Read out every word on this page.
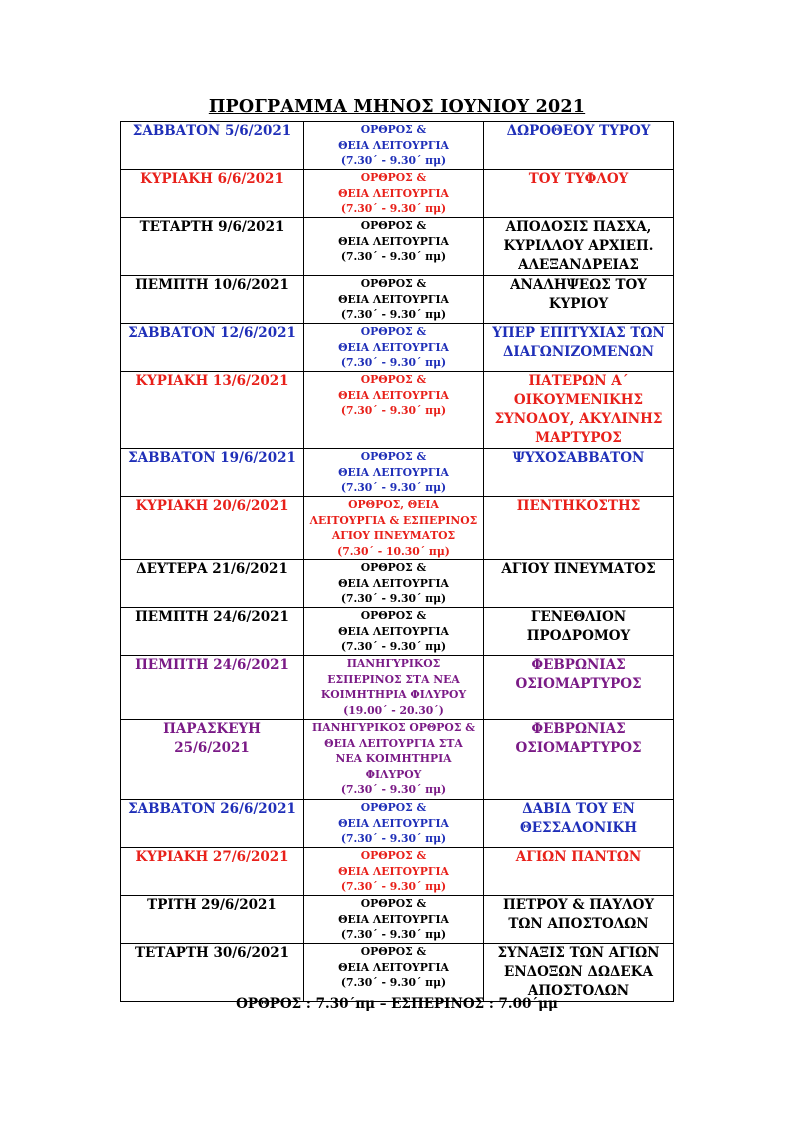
ΠΡΟΓΡΑΜΜΑ ΜΗΝΟΣ ΙΟΥΝΙΟΥ 2021
ΣΑΒΒΑΤΟΝ 5/6/2021	ΟΡΘΡΟΣ &
ΘΕΙΑ ΛΕΙΤΟΥΡΓΙΑ
(7.30΄ - 9.30΄ πμ)	ΔΩΡΟΘΕΟΥ ΤΥΡΟΥ
ΚΥΡΙΑΚΗ 6/6/2021	ΟΡΘΡΟΣ &
ΘΕΙΑ ΛΕΙΤΟΥΡΓΙΑ
(7.30΄ - 9.30΄ πμ)	ΤΟΥ ΤΥΦΛΟΥ
ΤΕΤΑΡΤΗ 9/6/2021	ΟΡΘΡΟΣ &
ΘΕΙΑ ΛΕΙΤΟΥΡΓΙΑ
(7.30΄ - 9.30΄ πμ)	ΑΠΟΔΟΣΙΣ ΠΑΣΧΑ, ΚΥΡΙΛΛΟΥ ΑΡΧΙΕΠ. ΑΛΕΞΑΝΔΡΕΙΑΣ
ΠΕΜΠΤΗ 10/6/2021	ΟΡΘΡΟΣ &
ΘΕΙΑ ΛΕΙΤΟΥΡΓΙΑ
(7.30΄ - 9.30΄ πμ)	ΑΝΑΛΗΨΕΩΣ ΤΟΥ ΚΥΡΙΟΥ
ΣΑΒΒΑΤΟΝ 12/6/2021	ΟΡΘΡΟΣ &
ΘΕΙΑ ΛΕΙΤΟΥΡΓΙΑ
(7.30΄ - 9.30΄ πμ)	ΥΠΕΡ ΕΠΙΤΥΧΙΑΣ ΤΩΝ ΔΙΑΓΩΝΙΖΟΜΕΝΩΝ
ΚΥΡΙΑΚΗ 13/6/2021	ΟΡΘΡΟΣ &
ΘΕΙΑ ΛΕΙΤΟΥΡΓΙΑ
(7.30΄ - 9.30΄ πμ)	ΠΑΤΕΡΩΝ Α΄ ΟΙΚΟΥΜΕΝΙΚΗΣ ΣΥΝΟΔΟΥ, ΑΚΥΛΙΝΗΣ ΜΑΡΤΥΡΟΣ
ΣΑΒΒΑΤΟΝ 19/6/2021	ΟΡΘΡΟΣ &
ΘΕΙΑ ΛΕΙΤΟΥΡΓΙΑ
(7.30΄ - 9.30΄ πμ)	ΨΥΧΟΣΑΒΒΑΤΟΝ
ΚΥΡΙΑΚΗ 20/6/2021	ΟΡΘΡΟΣ, ΘΕΙΑ
ΛΕΙΤΟΥΡΓΙΑ & ΕΣΠΕΡΙΝΟΣ
ΑΓΙΟΥ ΠΝΕΥΜΑΤΟΣ
(7.30΄ - 10.30΄ πμ)	ΠΕΝΤΗΚΟΣΤΗΣ
ΔΕΥΤΕΡΑ 21/6/2021	ΟΡΘΡΟΣ &
ΘΕΙΑ ΛΕΙΤΟΥΡΓΙΑ
(7.30΄ - 9.30΄ πμ)	ΑΓΙΟΥ ΠΝΕΥΜΑΤΟΣ
ΠΕΜΠΤΗ 24/6/2021	ΟΡΘΡΟΣ &
ΘΕΙΑ ΛΕΙΤΟΥΡΓΙΑ
(7.30΄ - 9.30΄ πμ)	ΓΕΝΕΘΛΙΟΝ ΠΡΟΔΡΟΜΟΥ
ΠΕΜΠΤΗ 24/6/2021	ΠΑΝΗΓΥΡΙΚΟΣ
ΕΣΠΕΡΙΝΟΣ ΣΤΑ ΝΕΑ
ΚΟΙΜΗΤΗΡΙΑ ΦΙΛΥΡΟΥ
(19.00΄ - 20.30΄)	ΦΕΒΡΩΝΙΑΣ ΟΣΙΟΜΑΡΤΥΡΟΣ
ΠΑΡΑΣΚΕΥΗ 25/6/2021	ΠΑΝΗΓΥΡΙΚΟΣ ΟΡΘΡΟΣ &
ΘΕΙΑ ΛΕΙΤΟΥΡΓΙΑ ΣΤΑ
ΝΕΑ ΚΟΙΜΗΤΗΡΙΑ
ΦΙΛΥΡΟΥ
(7.30΄ - 9.30΄ πμ)	ΦΕΒΡΩΝΙΑΣ ΟΣΙΟΜΑΡΤΥΡΟΣ
ΣΑΒΒΑΤΟΝ 26/6/2021	ΟΡΘΡΟΣ &
ΘΕΙΑ ΛΕΙΤΟΥΡΓΙΑ
(7.30΄ - 9.30΄ πμ)	ΔΑΒΙΔ ΤΟΥ ΕΝ ΘΕΣΣΑΛΟΝΙΚΗ
ΚΥΡΙΑΚΗ 27/6/2021	ΟΡΘΡΟΣ &
ΘΕΙΑ ΛΕΙΤΟΥΡΓΙΑ
(7.30΄ - 9.30΄ πμ)	ΑΓΙΩΝ ΠΑΝΤΩΝ
ΤΡΙΤΗ 29/6/2021	ΟΡΘΡΟΣ &
ΘΕΙΑ ΛΕΙΤΟΥΡΓΙΑ
(7.30΄ - 9.30΄ πμ)	ΠΕΤΡΟΥ & ΠΑΥΛΟΥ ΤΩΝ ΑΠΟΣΤΟΛΩΝ
ΤΕΤΑΡΤΗ 30/6/2021	ΟΡΘΡΟΣ &
ΘΕΙΑ ΛΕΙΤΟΥΡΓΙΑ
(7.30΄ - 9.30΄ πμ)	ΣΥΝΑΞΙΣ ΤΩΝ ΑΓΙΩΝ ΕΝΔΟΞΩΝ ΔΩΔΕΚΑ ΑΠΟΣΤΟΛΩΝ
ΟΡΘΡΟΣ : 7.30΄πμ – ΕΣΠΕΡΙΝΟΣ : 7.00΄μμ
